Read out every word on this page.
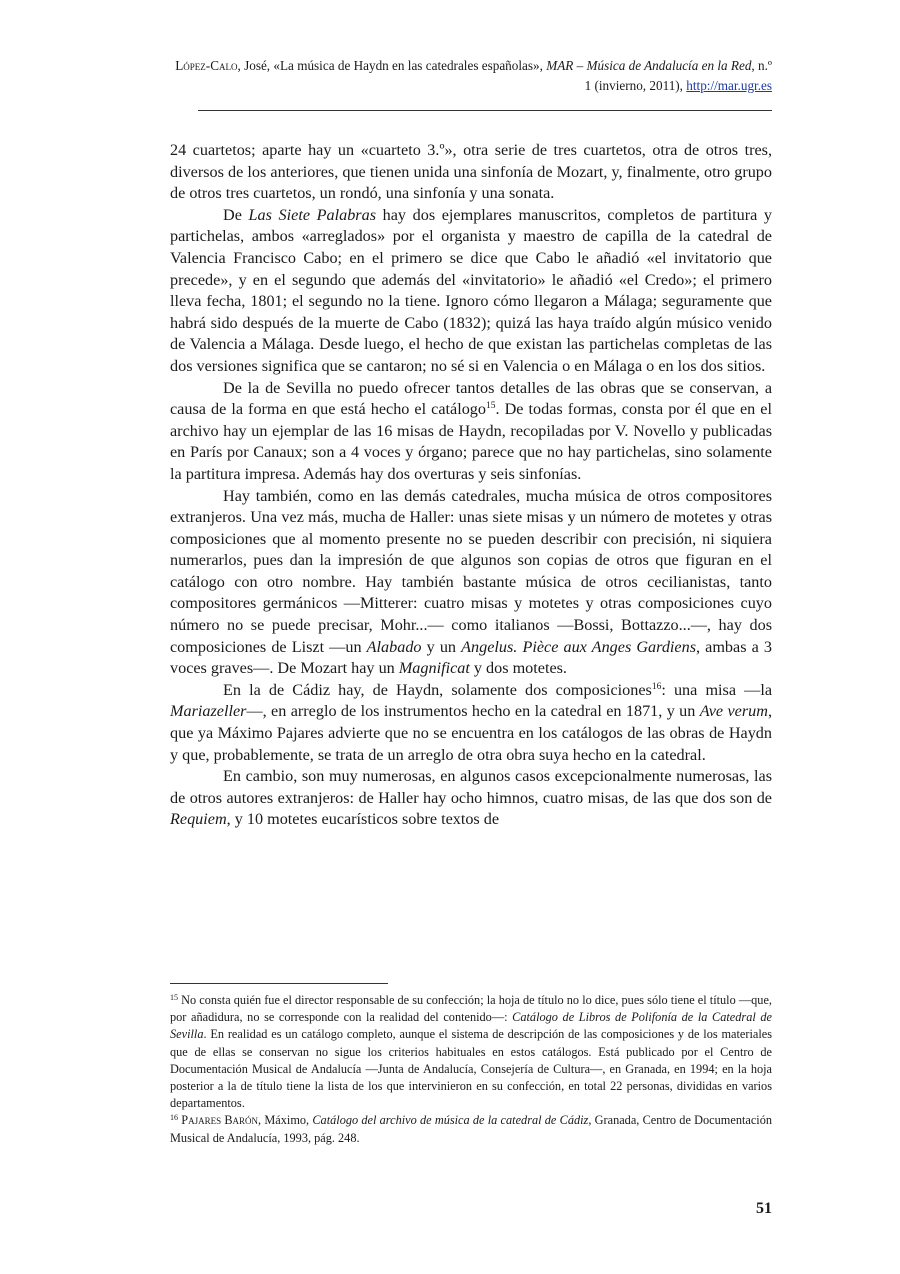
López-Calo, José, «La música de Haydn en las catedrales españolas», MAR – Música de Andalucía en la Red, n.º 1 (invierno, 2011), http://mar.ugr.es

24 cuartetos; aparte hay un «cuarteto 3.º», otra serie de tres cuartetos, otra de otros tres, diversos de los anteriores, que tienen unida una sinfonía de Mozart, y, finalmente, otro grupo de otros tres cuartetos, un rondó, una sinfonía y una sonata.

De Las Siete Palabras hay dos ejemplares manuscritos, completos de partitura y partichelas, ambos «arreglados» por el organista y maestro de capilla de la catedral de Valencia Francisco Cabo; en el primero se dice que Cabo le añadió «el invitatorio que precede», y en el segundo que además del «invitatorio» le añadió «el Credo»; el primero lleva fecha, 1801; el segundo no la tiene. Ignoro cómo llegaron a Málaga; seguramente que habrá sido después de la muerte de Cabo (1832); quizá las haya traído algún músico venido de Valencia a Málaga. Desde luego, el hecho de que existan las partichelas completas de las dos versiones significa que se cantaron; no sé si en Valencia o en Málaga o en los dos sitios.

De la de Sevilla no puedo ofrecer tantos detalles de las obras que se conservan, a causa de la forma en que está hecho el catálogo$^{15}$. De todas formas, consta por él que en el archivo hay un ejemplar de las 16 misas de Haydn, recopiladas por V. Novello y publicadas en París por Canaux; son a 4 voces y órgano; parece que no hay partichelas, sino solamente la partitura impresa. Además hay dos overturas y seis sinfonías.

Hay también, como en las demás catedrales, mucha música de otros compositores extranjeros. Una vez más, mucha de Haller: unas siete misas y un número de motetes y otras composiciones que al momento presente no se pueden describir con precisión, ni siquiera numerarlos, pues dan la impresión de que algunos son copias de otros que figuran en el catálogo con otro nombre. Hay también bastante música de otros cecilianistas, tanto compositores germánicos —Mitterer: cuatro misas y motetes y otras composiciones cuyo número no se puede precisar, Mohr...— como italianos —Bossi, Bottazzo...—, hay dos composiciones de Liszt —un Alabado y un Angelus. Pièce aux Anges Gardiens, ambas a 3 voces graves—. De Mozart hay un Magnificat y dos motetes.

En la de Cádiz hay, de Haydn, solamente dos composiciones$^{16}$: una misa —la Mariazeller—, en arreglo de los instrumentos hecho en la catedral en 1871, y un Ave verum, que ya Máximo Pajares advierte que no se encuentra en los catálogos de las obras de Haydn y que, probablemente, se trata de un arreglo de otra obra suya hecho en la catedral.

En cambio, son muy numerosas, en algunos casos excepcionalmente numerosas, las de otros autores extranjeros: de Haller hay ocho himnos, cuatro misas, de las que dos son de Requiem, y 10 motetes eucarísticos sobre textos de

$^{15}$ No consta quién fue el director responsable de su confección; la hoja de título no lo dice, pues sólo tiene el título —que, por añadidura, no se corresponde con la realidad del contenido—: Catálogo de Libros de Polifonía de la Catedral de Sevilla. En realidad es un catálogo completo, aunque el sistema de descripción de las composiciones y de los materiales que de ellas se conservan no sigue los criterios habituales en estos catálogos. Está publicado por el Centro de Documentación Musical de Andalucía —Junta de Andalucía, Consejería de Cultura—, en Granada, en 1994; en la hoja posterior a la de título tiene la lista de los que intervinieron en su confección, en total 22 personas, divididas en varios departamentos.

$^{16}$ Pajares Barón, Máximo, Catálogo del archivo de música de la catedral de Cádiz, Granada, Centro de Documentación Musical de Andalucía, 1993, pág. 248.

51
